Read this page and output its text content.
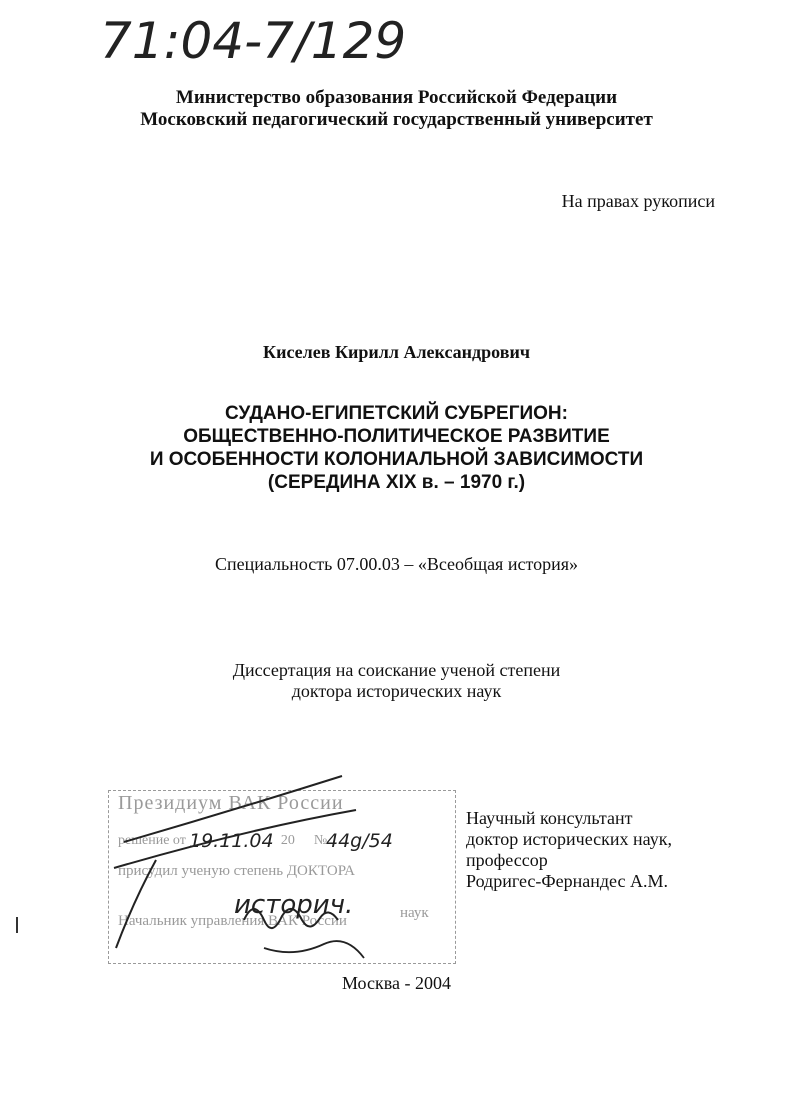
71:04-7/129
Министерство образования Российской Федерации
Московский педагогический государственный университет
На правах рукописи
Киселев Кирилл Александрович
СУДАНО-ЕГИПЕТСКИЙ СУБРЕГИОН:
ОБЩЕСТВЕННО-ПОЛИТИЧЕСКОЕ РАЗВИТИЕ
И ОСОБЕННОСТИ КОЛОНИАЛЬНОЙ ЗАВИСИМОСТИ
(СЕРЕДИНА XIX в. – 1970 г.)
Специальность 07.00.03 – «Всеобщая история»
Диссертация на соискание ученой степени
доктора исторических наук
Президиум ВАК России
решение от	20 №
присудил ученую степень ДОКТОРА
Начальник управления ВАК России
19.11.04	44g/54
историч.	наук
Научный консультант
доктор исторических наук,
профессор
Родригес-Фернандес А.М.
Москва - 2004
